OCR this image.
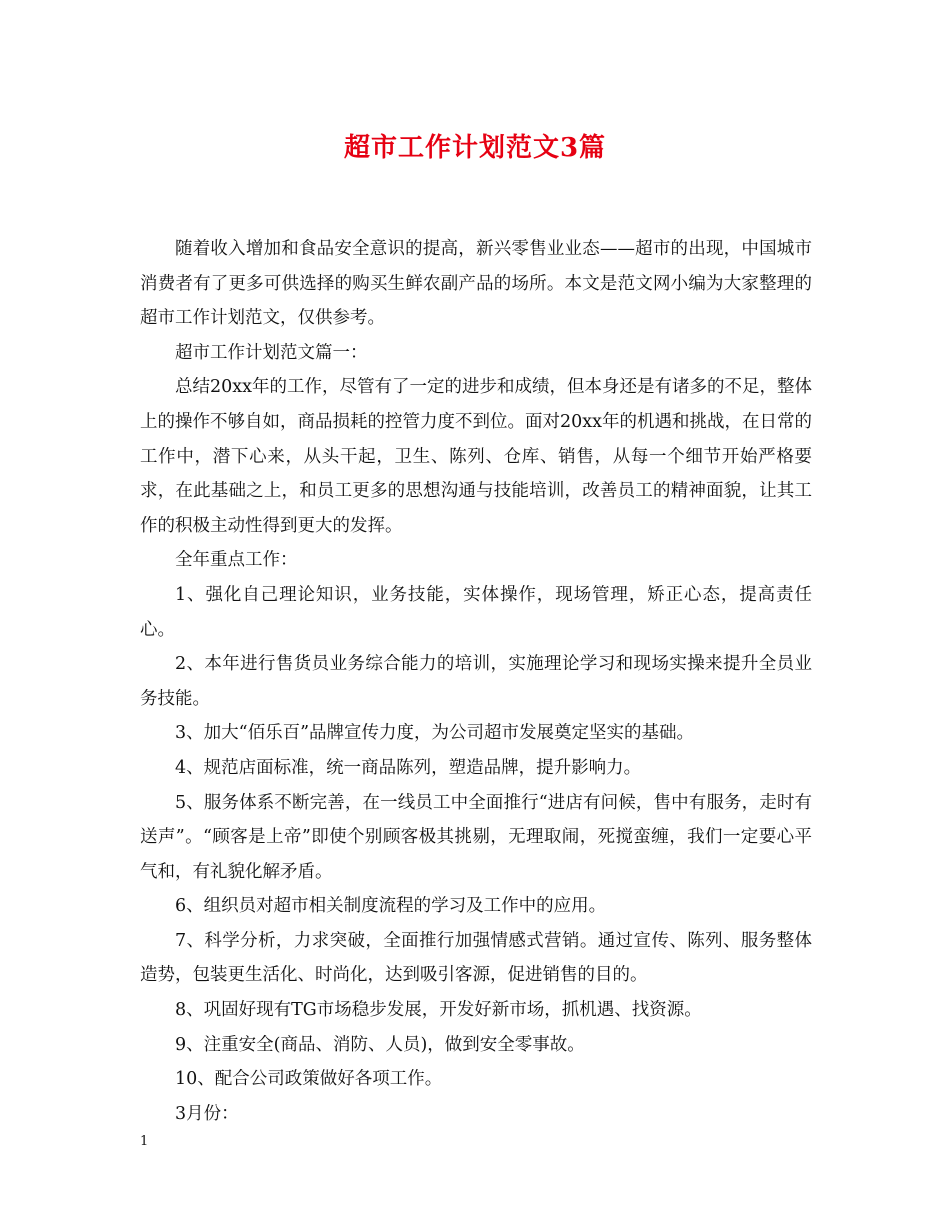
超市工作计划范文3篇

随着收入增加和食品安全意识的提高，新兴零售业业态——超市的出现，中国城市消费者有了更多可供选择的购买生鲜农副产品的场所。本文是范文网小编为大家整理的超市工作计划范文，仅供参考。

超市工作计划范文篇一：

总结20xx年的工作，尽管有了一定的进步和成绩，但本身还是有诸多的不足，整体上的操作不够自如，商品损耗的控管力度不到位。面对20xx年的机遇和挑战，在日常的工作中，潜下心来，从头干起，卫生、陈列、仓库、销售，从每一个细节开始严格要求，在此基础之上，和员工更多的思想沟通与技能培训，改善员工的精神面貌，让其工作的积极主动性得到更大的发挥。

全年重点工作：

1、强化自己理论知识，业务技能，实体操作，现场管理，矫正心态，提高责任心。

2、本年进行售货员业务综合能力的培训，实施理论学习和现场实操来提升全员业务技能。

3、加大“佰乐百”品牌宣传力度，为公司超市发展奠定坚实的基础。

4、规范店面标准，统一商品陈列，塑造品牌，提升影响力。

5、服务体系不断完善，在一线员工中全面推行“进店有问候，售中有服务，走时有送声”。“顾客是上帝”即使个别顾客极其挑剔，无理取闹，死搅蛮缠，我们一定要心平气和，有礼貌化解矛盾。

6、组织员对超市相关制度流程的学习及工作中的应用。

7、科学分析，力求突破，全面推行加强情感式营销。通过宣传、陈列、服务整体造势，包装更生活化、时尚化，达到吸引客源，促进销售的目的。

8、巩固好现有TG市场稳步发展，开发好新市场，抓机遇、找资源。

9、注重安全(商品、消防、人员)，做到安全零事故。

10、配合公司政策做好各项工作。

3月份：

1
